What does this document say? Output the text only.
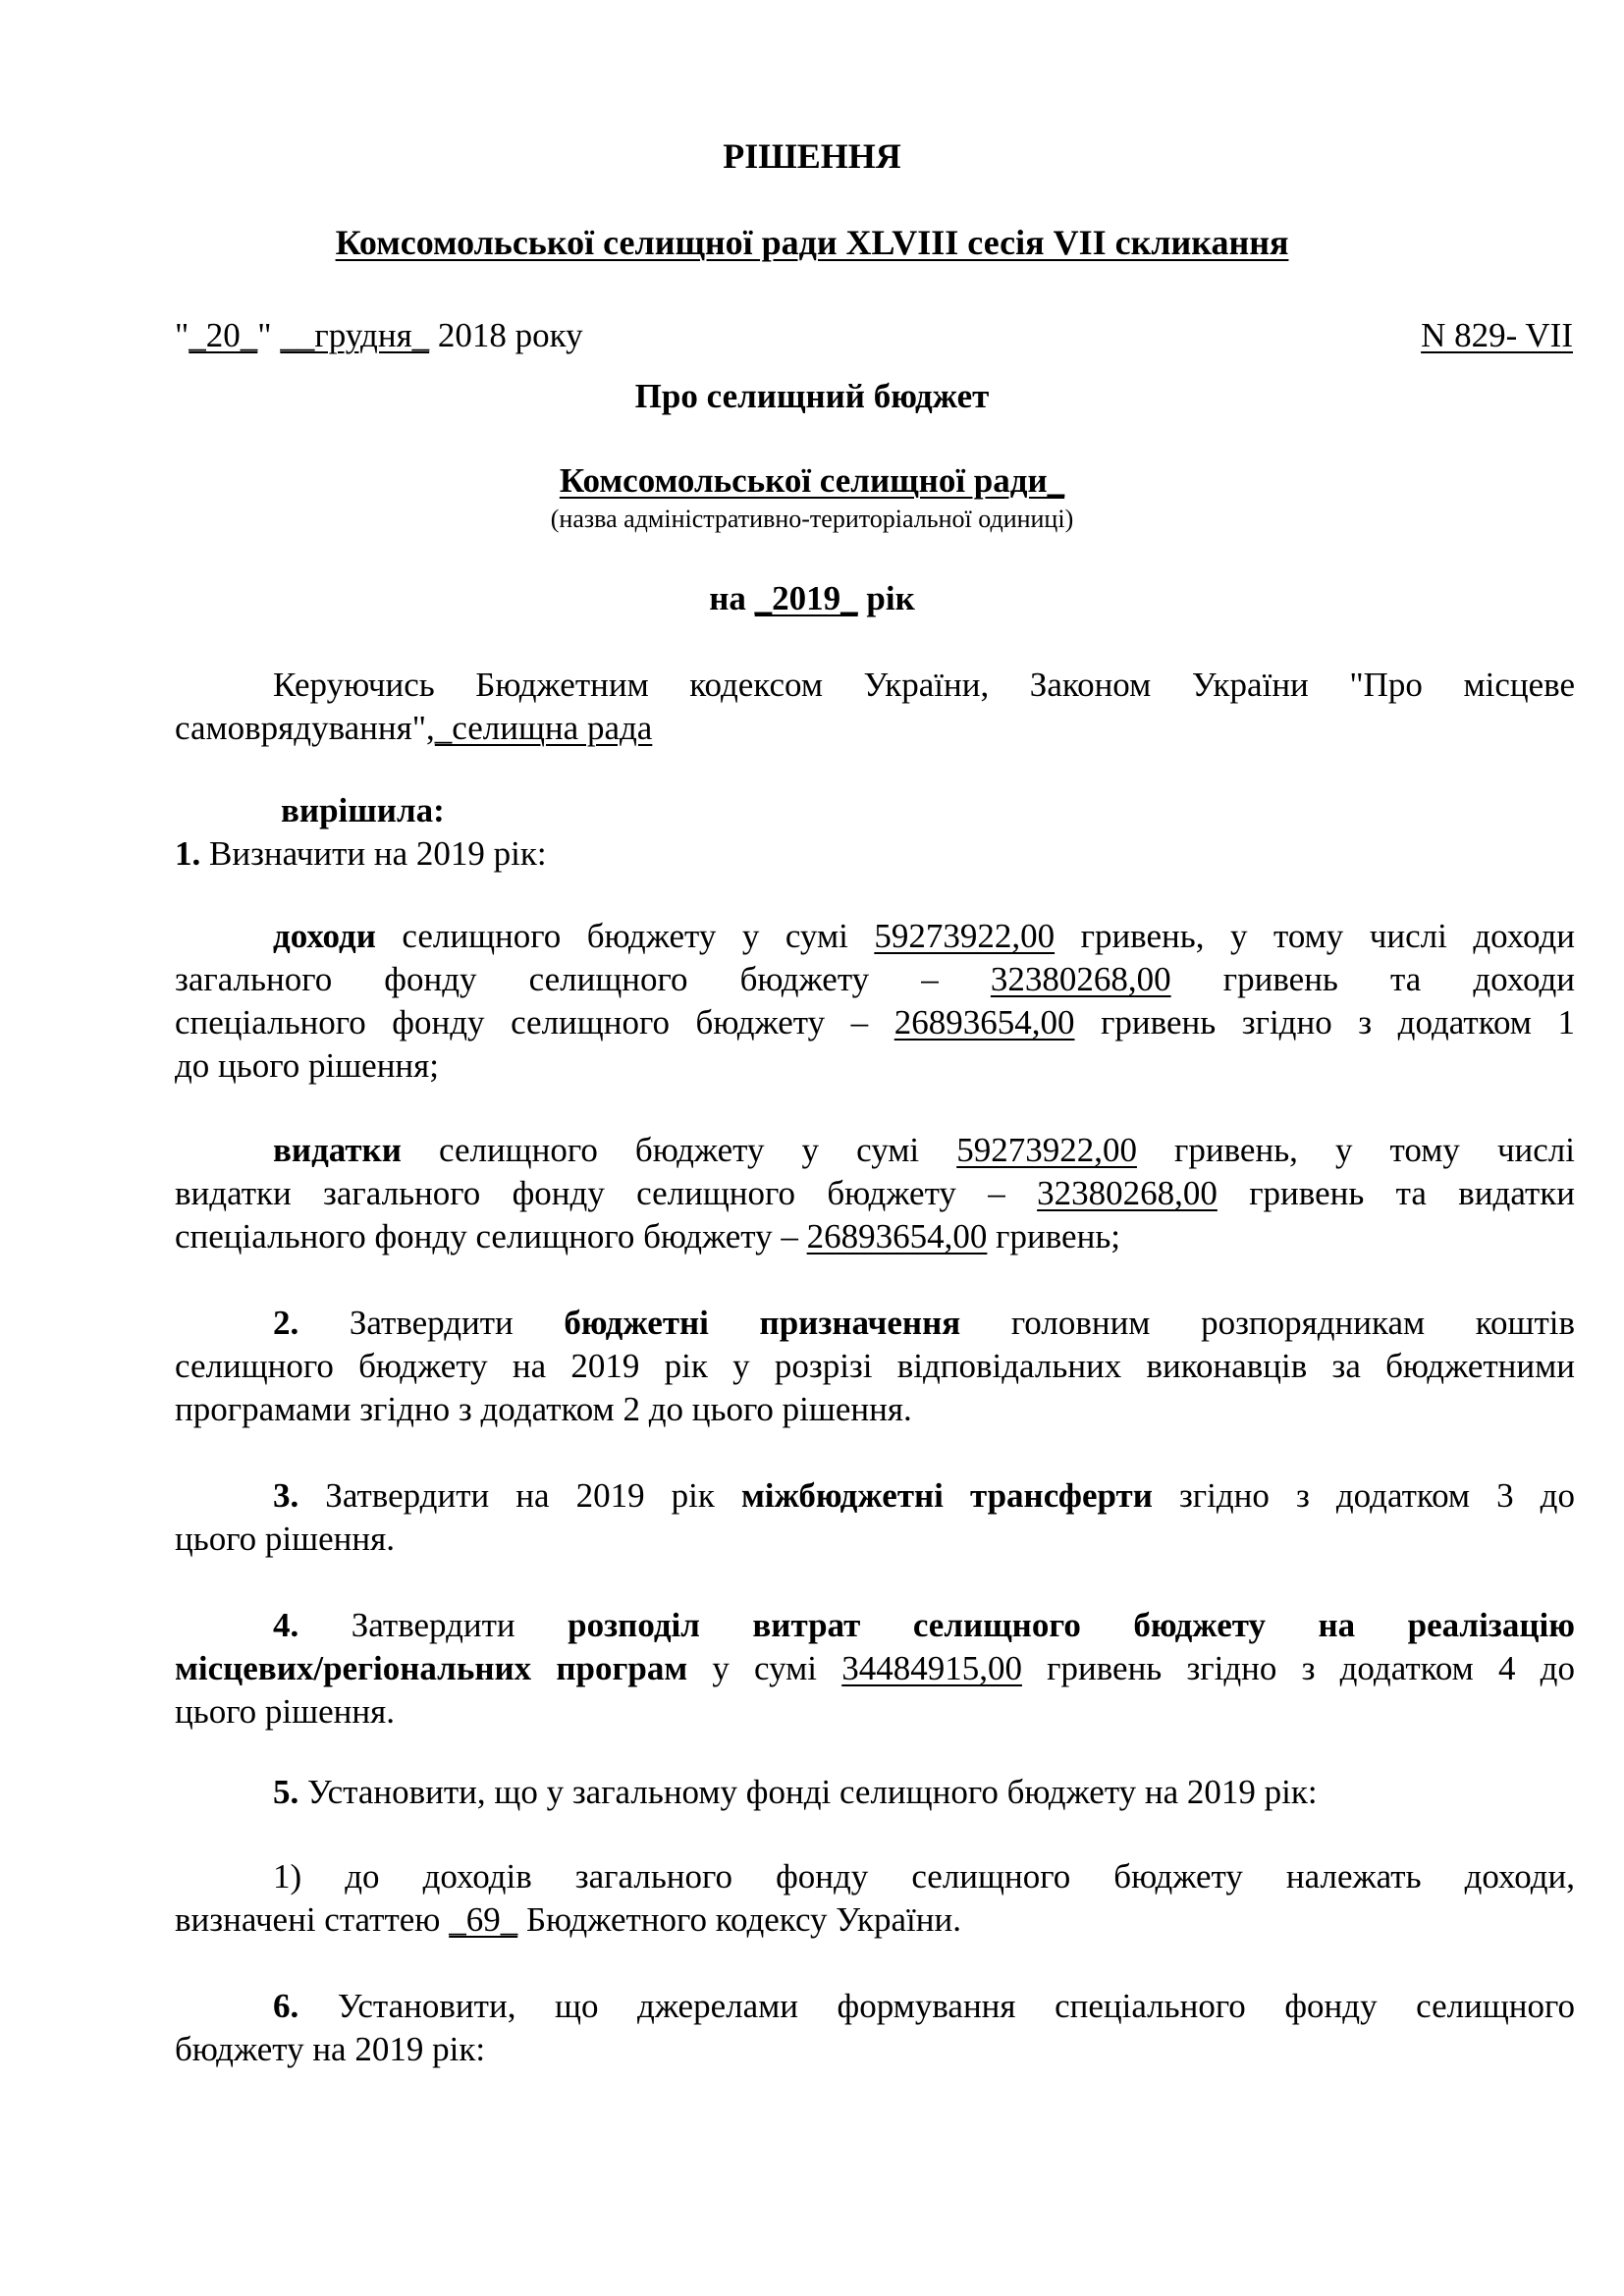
РІШЕННЯ
Комсомольської селищної ради XLVIII сесія VII скликання
"_20_" __грудня_ 2018 року	N 829- VII
Про селищний бюджет
Комсомольської селищної ради_
(назва адміністративно-територіальної одиниці)
на _2019_ рік
Керуючись Бюджетним кодексом України, Законом України "Про місцеве
самоврядування",_селищна рада
вирішила:
1. Визначити на 2019 рік:
доходи селищного бюджету у сумі 59273922,00 гривень, у тому числі доходи
загального фонду селищного бюджету – 32380268,00 гривень та доходи
спеціального фонду селищного бюджету – 26893654,00 гривень згідно з додатком 1
до цього рішення;
видатки селищного бюджету у сумі 59273922,00 гривень, у тому числі
видатки загального фонду селищного бюджету – 32380268,00 гривень та видатки
спеціального фонду селищного бюджету – 26893654,00 гривень;
2. Затвердити бюджетні призначення головним розпорядникам коштів
селищного бюджету на 2019 рік у розрізі відповідальних виконавців за бюджетними
програмами згідно з додатком 2 до цього рішення.
3. Затвердити на 2019 рік міжбюджетні трансферти згідно з додатком 3 до
цього рішення.
4. Затвердити розподіл витрат селищного бюджету на реалізацію
місцевих/регіональних програм у сумі 34484915,00 гривень згідно з додатком 4 до
цього рішення.
5. Установити, що у загальному фонді селищного бюджету на 2019 рік:
1) до доходів загального фонду селищного бюджету належать доходи,
визначені статтею _69_ Бюджетного кодексу України.
6. Установити, що джерелами формування спеціального фонду селищного
бюджету на 2019 рік:
